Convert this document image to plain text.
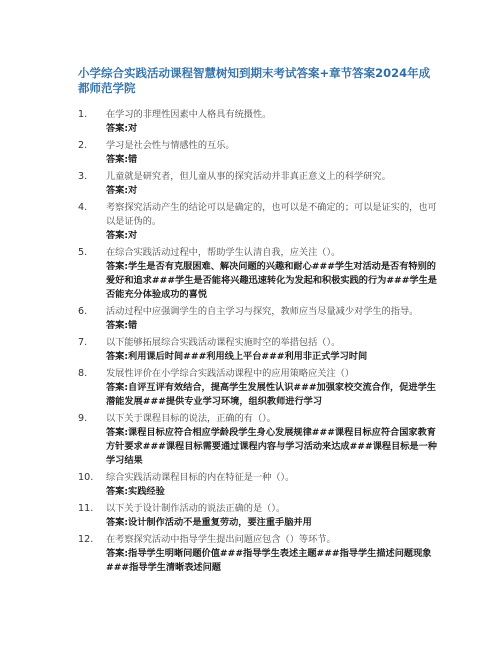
小学综合实践活动课程智慧树知到期末考试答案+章节答案2024年成都师范学院
1.	在学习的非理性因素中人格具有统摄性。
答案:对
2.	学习是社会性与情感性的互乐。
答案:错
3.	儿童就是研究者，但儿童从事的探究活动并非真正意义上的科学研究。
答案:对
4.	考察探究活动产生的结论可以是确定的，也可以是不确定的；可以是证实的，也可以是证伪的。
答案:对
5.	在综合实践活动过程中，帮助学生认清自我，应关注（）。
答案:学生是否有克服困难、解决问题的兴趣和耐心###学生对活动是否有特别的爱好和追求###学生是否能将兴趣迅速转化为发起和积极实践的行为###学生是否能充分体验成功的喜悦
6.	活动过程中应强调学生的自主学习与探究，教师应当尽量减少对学生的指导。
答案:错
7.	以下能够拓展综合实践活动课程实施时空的举措包括（）。
答案:利用课后时间###利用线上平台###利用非正式学习时间
8.	发展性评价在小学综合实践活动课程中的应用策略应关注（）
答案:自评互评有效结合，提高学生发展性认识###加强家校交流合作，促进学生潜能发展###提供专业学习环境，组织教师进行学习
9.	以下关于课程目标的说法，正确的有（）。
答案:课程目标应符合相应学龄段学生身心发展规律###课程目标应符合国家教育方针要求###课程目标需要通过课程内容与学习活动来达成###课程目标是一种学习结果
10.	综合实践活动课程目标的内在特征是一种（）。
答案:实践经验
11.	以下关于设计制作活动的说法正确的是（）。
答案:设计制作活动不是重复劳动，要注重手脑并用
12.	在考察探究活动中指导学生提出问题应包含（）等环节。
答案:指导学生明晰问题价值###指导学生表述主题###指导学生描述问题现象###指导学生清晰表述问题
